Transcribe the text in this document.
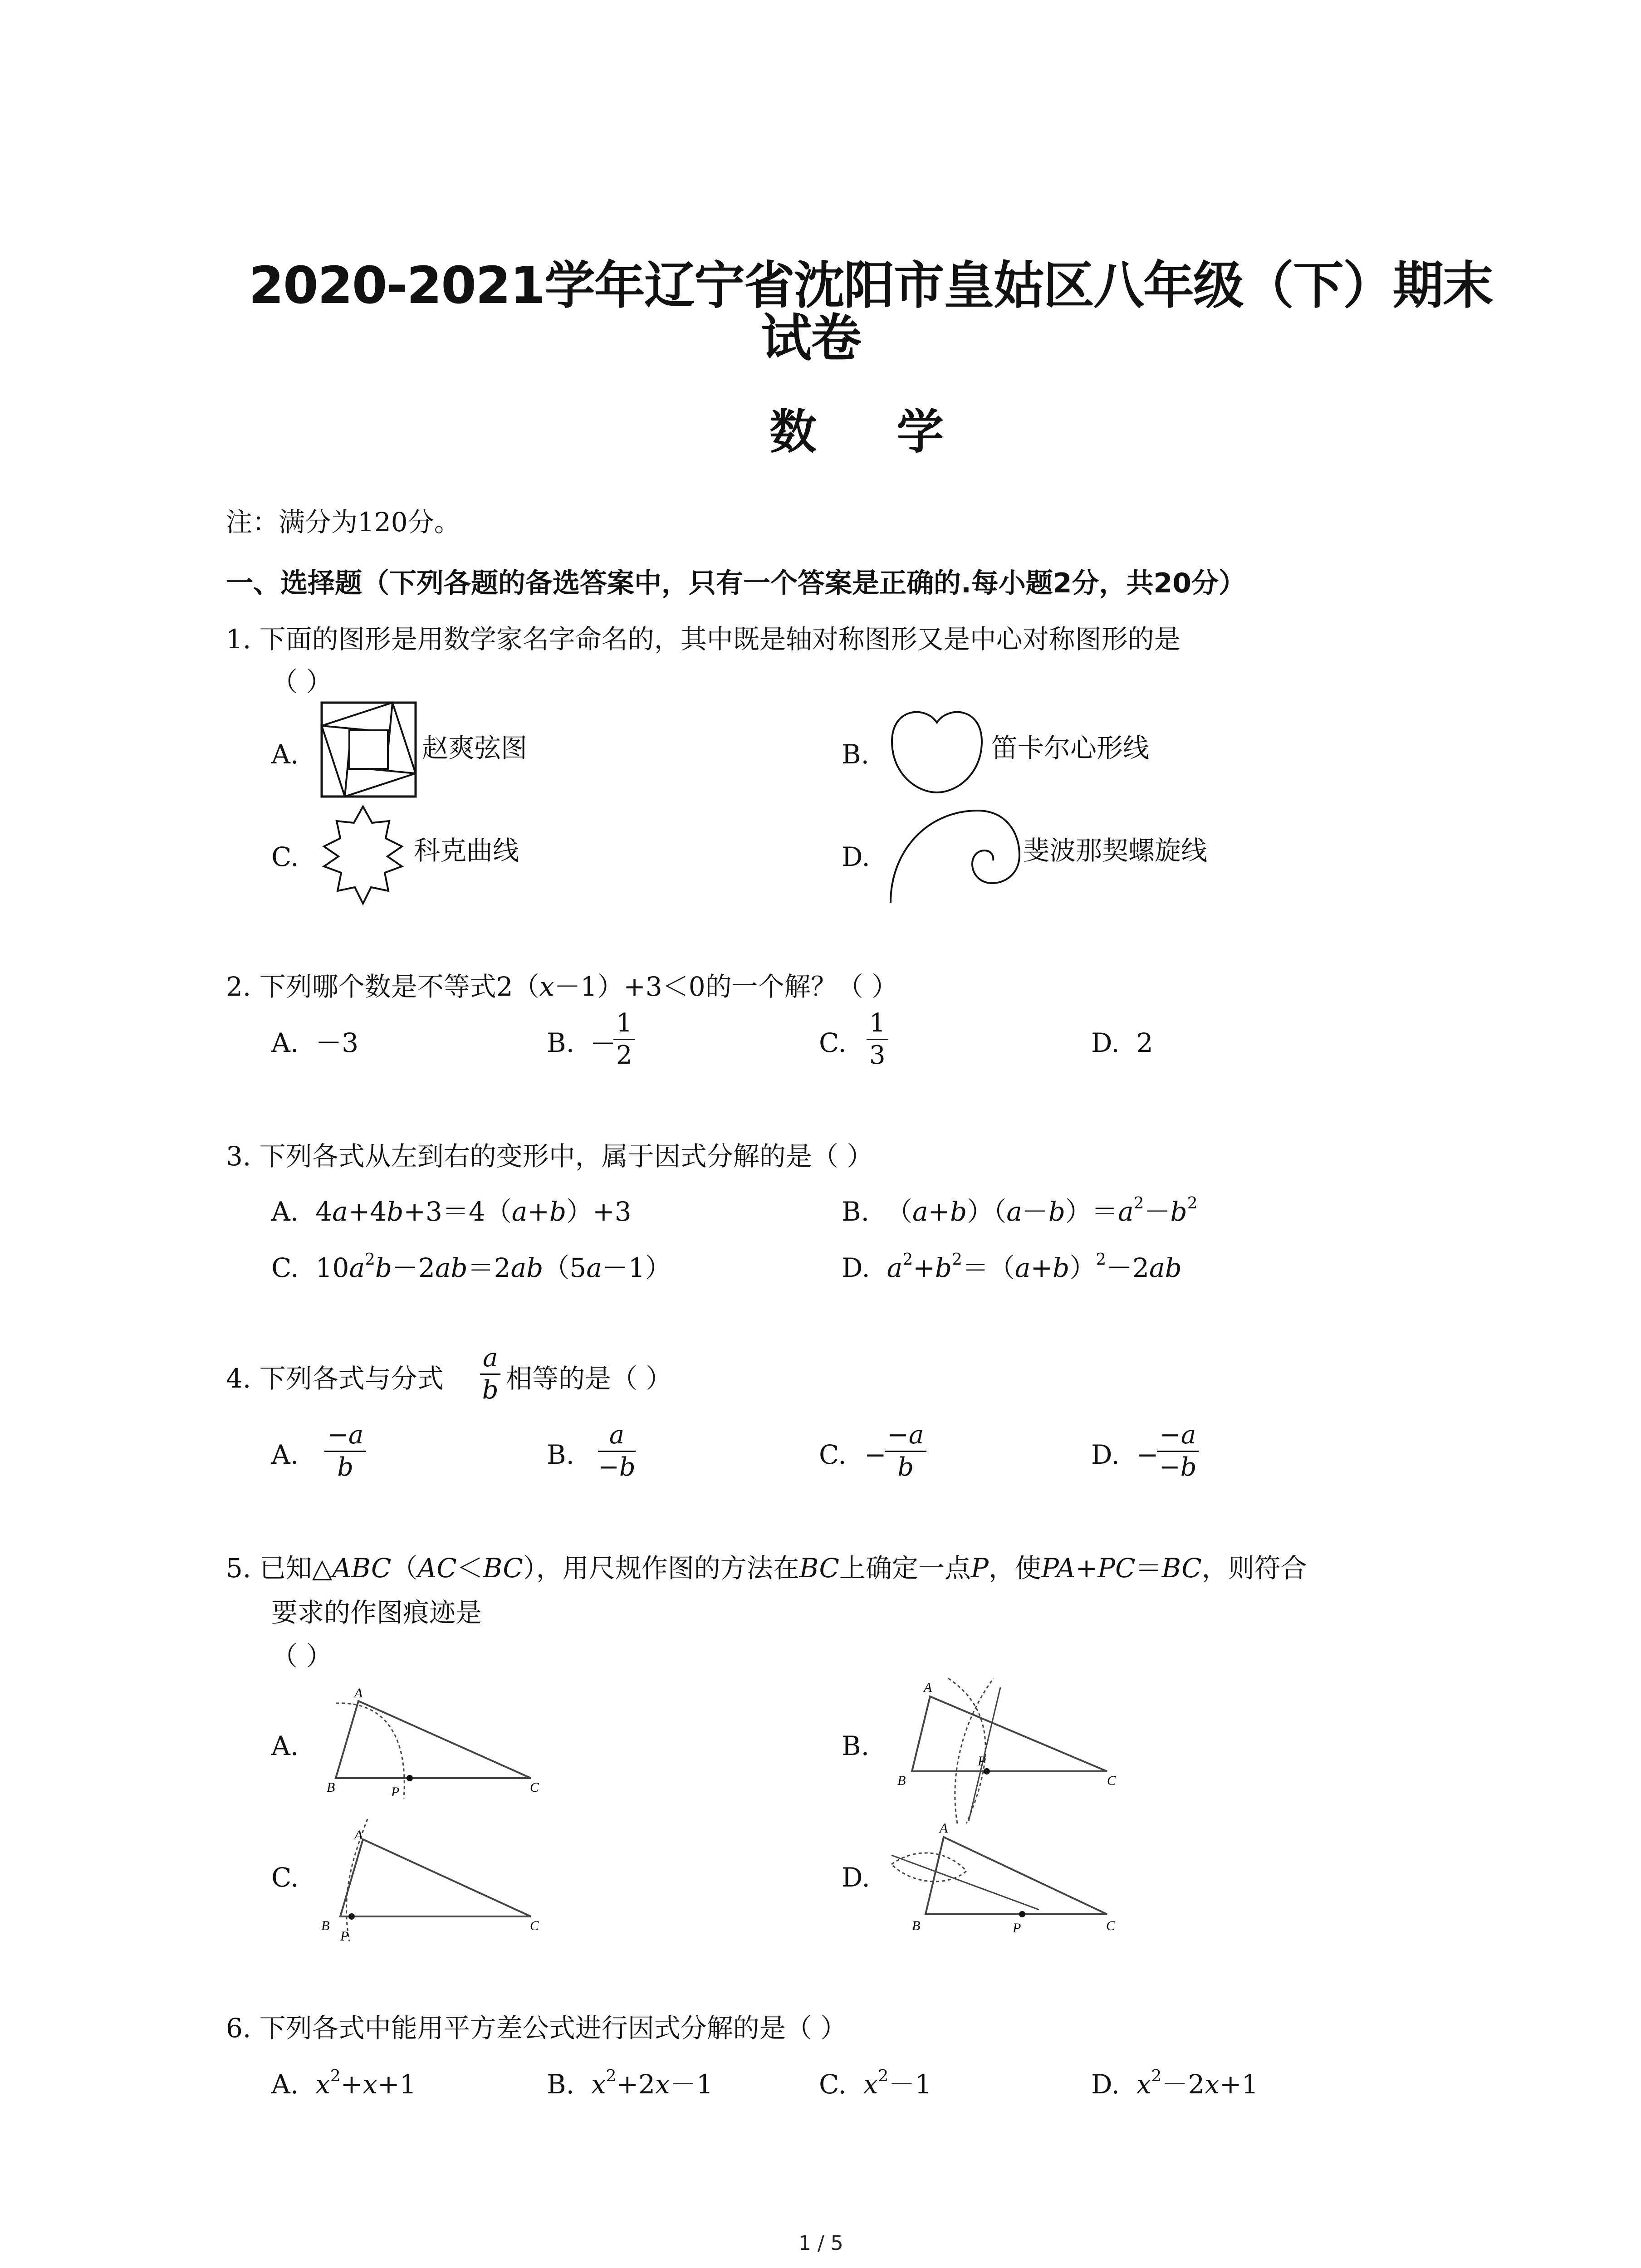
2020-2021学年辽宁省沈阳市皇姑区八年级（下）期末
试卷
数 学
注：满分为120分。
一、选择题（下列各题的备选答案中，只有一个答案是正确的.每小题2分，共20分）
1. 下面的图形是用数学家名字命名的，其中既是轴对称图形又是中心对称图形的是
（ ）
A.	赵爽弦图	B.	笛卡尔心形线
C.	科克曲线	D.	斐波那契螺旋线
2. 下列哪个数是不等式2（x－1）+3＜0的一个解？（ ）
A. －3	B. －
$\frac{1}{2}$	C. $\frac{1}{3}$	D. 2
3. 下列各式从左到右的变形中，属于因式分解的是（ ）
A.  4a+4b+3＝4（a+b）+3	B.  $(a+b)(a-b)=a^2-b^2$
C.  $10a^2b-2ab=2ab(5a-1)$	D. $a^2+b^2=(a+b)^2-2ab$
4. 下列各式与分式 $\frac{a}{b}$ 相等的是（ ）
A. $\frac{-a}{b}$	B. $\frac{a}{-b}$	C. −
$\frac{-a}{b}$	D. −
$\frac{-a}{-b}$
5. 已知△ABC（AC＜BC），用尺规作图的方法在BC上确定一点P，使PA+PC＝BC，则符合
要求的作图痕迹是
（ ）
A.
A
B	P	C
B.
A
B
P
C
C.
A
B
P
C
D.
A
B	P	C
6. 下列各式中能用平方差公式进行因式分解的是（ ）
A. $x^2+x+1$	B. $x^2+2x-1$	C. $x^2-1$	D. $x^2-2x+1$
1 / 5
